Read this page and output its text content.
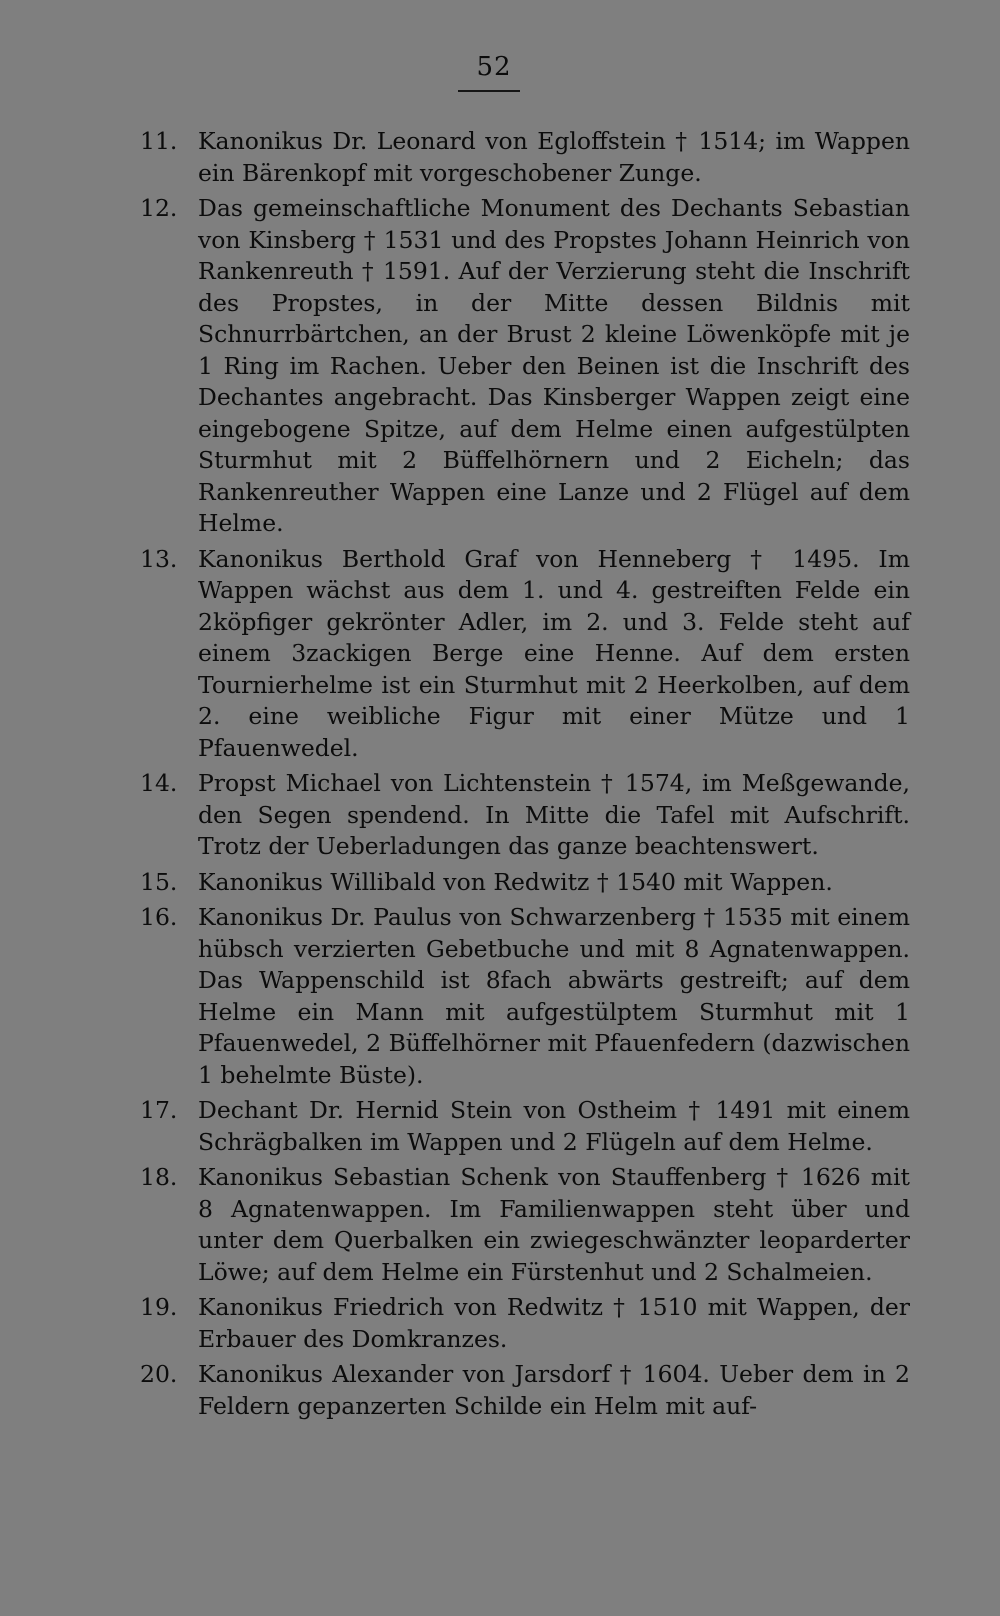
52
11. Kanonikus Dr. Leonard von Egloffstein † 1514; im Wappen ein Bärenkopf mit vorgeschobener Zunge.
12. Das gemeinschaftliche Monument des Dechants Sebastian von Kinsberg † 1531 und des Propstes Johann Heinrich von Rankenreuth † 1591. Auf der Verzierung steht die Inschrift des Propstes, in der Mitte dessen Bildnis mit Schnurrbärtchen, an der Brust 2 kleine Löwenköpfe mit je 1 Ring im Rachen. Ueber den Beinen ist die Inschrift des Dechantes angebracht. Das Kinsberger Wappen zeigt eine eingebogene Spitze, auf dem Helme einen aufgestülpten Sturmhut mit 2 Büffelhörnern und 2 Eicheln; das Rankenreuther Wappen eine Lanze und 2 Flügel auf dem Helme.
13. Kanonikus Berthold Graf von Henneberg † 1495. Im Wappen wächst aus dem 1. und 4. gestreiften Felde ein 2köpfiger gekrönter Adler, im 2. und 3. Felde steht auf einem 3zackigen Berge eine Henne. Auf dem ersten Tournierhelme ist ein Sturmhut mit 2 Heerkolben, auf dem 2. eine weibliche Figur mit einer Mütze und 1 Pfauenwedel.
14. Propst Michael von Lichtenstein † 1574, im Meßgewande, den Segen spendend. In Mitte die Tafel mit Aufschrift. Trotz der Ueberladungen das ganze beachtenswert.
15. Kanonikus Willibald von Redwitz † 1540 mit Wappen.
16. Kanonikus Dr. Paulus von Schwarzenberg † 1535 mit einem hübsch verzierten Gebetbuche und mit 8 Agnatenwappen. Das Wappenschild ist 8fach abwärts gestreift; auf dem Helme ein Mann mit aufgestülptem Sturmhut mit 1 Pfauenwedel, 2 Büffelhörner mit Pfauenfedern (dazwischen 1 behelmte Büste).
17. Dechant Dr. Hernid Stein von Ostheim † 1491 mit einem Schrägbalken im Wappen und 2 Flügeln auf dem Helme.
18. Kanonikus Sebastian Schenk von Stauffenberg † 1626 mit 8 Agnatenwappen. Im Familienwappen steht über und unter dem Querbalken ein zwiegeschwänzter leoparderter Löwe; auf dem Helme ein Fürstenhut und 2 Schalmeien.
19. Kanonikus Friedrich von Redwitz † 1510 mit Wappen, der Erbauer des Domkranzes.
20. Kanonikus Alexander von Jarsdorf † 1604. Ueber dem in 2 Feldern gepanzerten Schilde ein Helm mit auf-
